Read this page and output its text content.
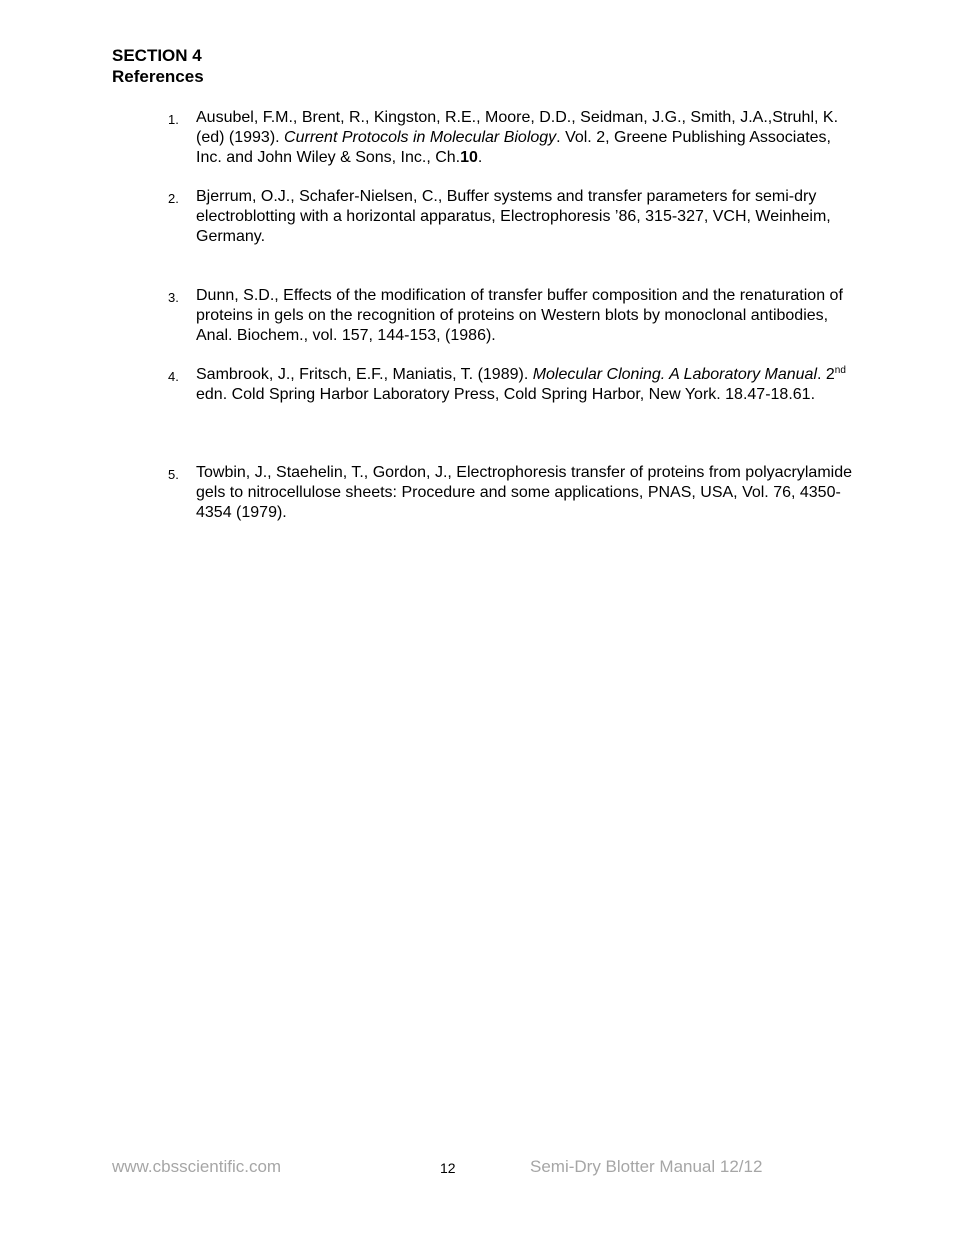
SECTION 4
References
1. Ausubel, F.M., Brent, R., Kingston, R.E., Moore, D.D., Seidman, J.G., Smith, J.A.,Struhl, K. (ed) (1993). Current Protocols in Molecular Biology. Vol. 2, Greene Publishing Associates, Inc. and John Wiley & Sons, Inc., Ch.10.
2. Bjerrum, O.J., Schafer-Nielsen, C., Buffer systems and transfer parameters for semi-dry electroblotting with a horizontal apparatus, Electrophoresis ’86, 315-327, VCH, Weinheim, Germany.
3. Dunn, S.D., Effects of the modification of transfer buffer composition and the renaturation of proteins in gels on the recognition of proteins on Western blots by monoclonal antibodies, Anal. Biochem., vol. 157, 144-153, (1986).
4. Sambrook, J., Fritsch, E.F., Maniatis, T. (1989). Molecular Cloning. A Laboratory Manual. 2nd edn. Cold Spring Harbor Laboratory Press, Cold Spring Harbor, New York. 18.47-18.61.
5. Towbin, J., Staehelin, T., Gordon, J., Electrophoresis transfer of proteins from polyacrylamide gels to nitrocellulose sheets: Procedure and some applications, PNAS, USA, Vol. 76, 4350-4354 (1979).
www.cbsscientific.com	12	Semi-Dry Blotter Manual 12/12
